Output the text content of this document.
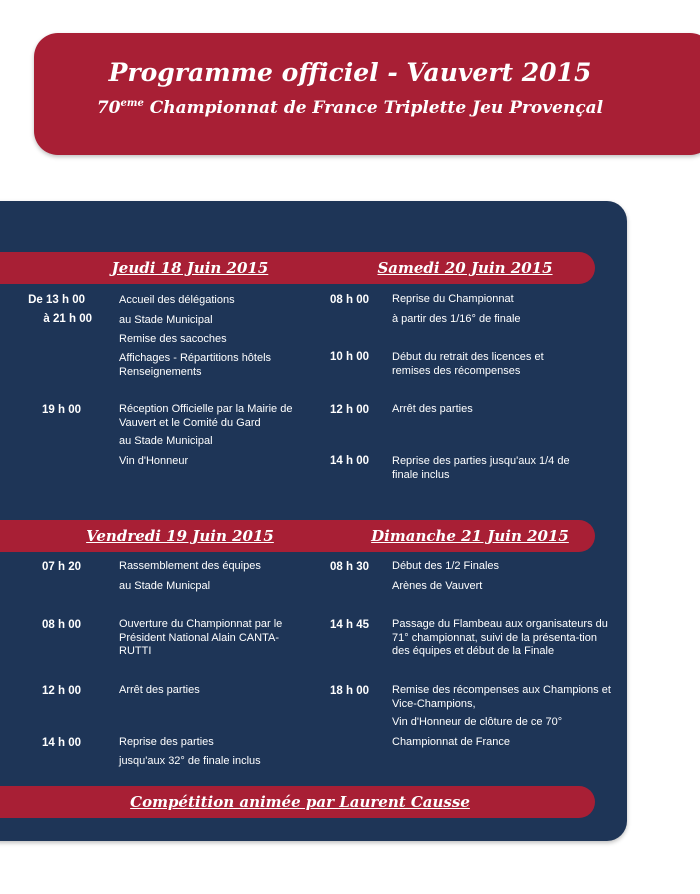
Programme officiel - Vauvert 2015
70eme Championnat de France Triplette Jeu Provençal
Jeudi 18 Juin 2015	Samedi 20 Juin 2015
De 13 h 00	Accueil des délégations
à 21 h 00 au Stade Municipal
Remise des sacoches
Affichages - Répartitions hôtels Renseignements
19 h 00	Réception Officielle par la Mairie de Vauvert et le Comité du Gard
au Stade Municipal
Vin d'Honneur
08 h 00 Reprise du Championnat
à partir des 1/16° de finale
10 h 00 Début du retrait des licences et remises des récompenses
12 h 00 Arrêt des parties
14 h 00 Reprise des parties jusqu'aux 1/4 de finale inclus
Vendredi 19 Juin 2015	Dimanche 21 Juin 2015
07 h 20	Rassemblement des équipes
au Stade Municpal
08 h 00	Ouverture du Championnat par le Président National Alain CANTA-RUTTI
12 h 00	Arrêt des parties
14 h 00	Reprise des parties
jusqu'aux 32° de finale inclus
08 h 30 Début des 1/2 Finales
Arènes de Vauvert
14 h 45 Passage du Flambeau aux organisateurs du 71° championnat, suivi de la présenta-tion des équipes et début de la Finale
18 h 00 Remise des récompenses aux Champions et Vice-Champions,
Vin d'Honneur de clôture de ce 70°
Championnat de France
Compétition animée par Laurent Causse
